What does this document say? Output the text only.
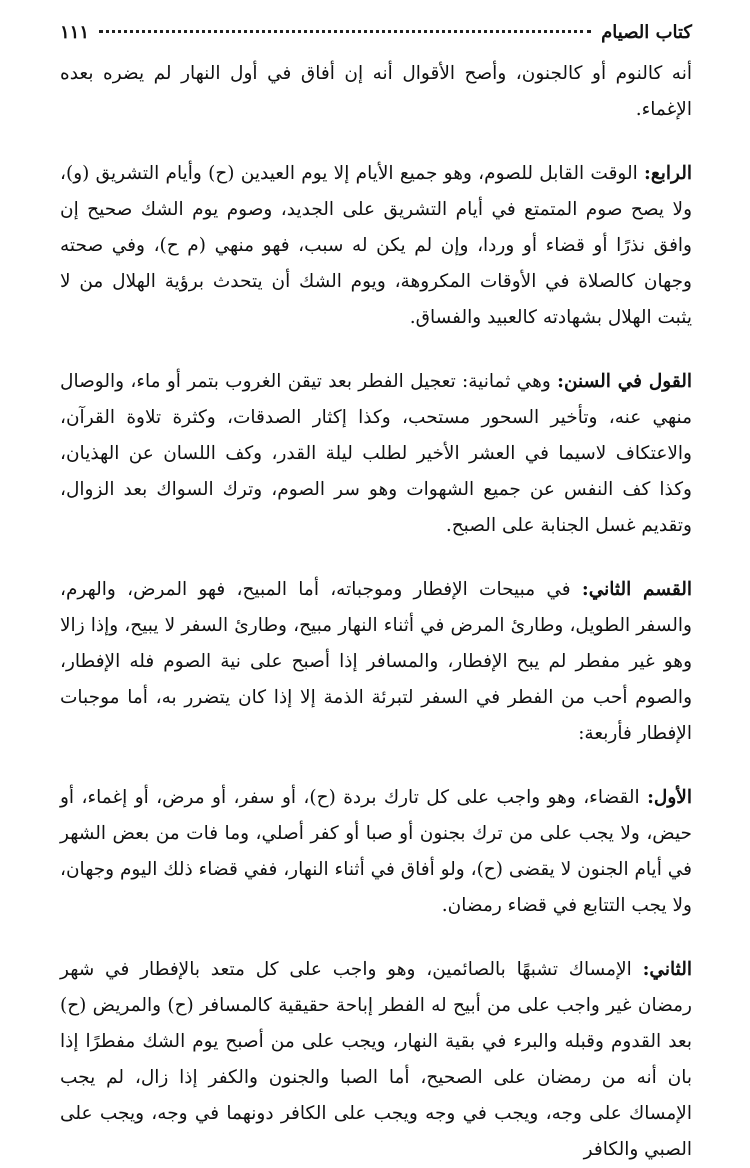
كتاب الصيام
١١١

أنه كالنوم أو كالجنون، وأصح الأقوال أنه إن أفاق في أول النهار لم يضره بعده الإغماء.

الرابع: الوقت القابل للصوم، وهو جميع الأيام إلا يوم العيدين (ح) وأيام التشريق (و)، ولا يصح صوم المتمتع في أيام التشريق على الجديد، وصوم يوم الشك صحيح إن وافق نذرًا أو قضاء أو وردا، وإن لم يكن له سبب، فهو منهي (م ح)، وفي صحته وجهان كالصلاة في الأوقات المكروهة، ويوم الشك أن يتحدث برؤية الهلال من لا يثبت الهلال بشهادته كالعبيد والفساق.

القول في السنن: وهي ثمانية: تعجيل الفطر بعد تيقن الغروب بتمر أو ماء، والوصال منهي عنه، وتأخير السحور مستحب، وكذا إكثار الصدقات، وكثرة تلاوة القرآن، والاعتكاف لاسيما في العشر الأخير لطلب ليلة القدر، وكف اللسان عن الهذيان، وكذا كف النفس عن جميع الشهوات وهو سر الصوم، وترك السواك بعد الزوال، وتقديم غسل الجنابة على الصبح.

القسم الثاني: في مبيحات الإفطار وموجباته، أما المبيح، فهو المرض، والهرم، والسفر الطويل، وطارئ المرض في أثناء النهار مبيح، وطارئ السفر لا يبيح، وإذا زالا وهو غير مفطر لم يبح الإفطار، والمسافر إذا أصبح على نية الصوم فله الإفطار، والصوم أحب من الفطر في السفر لتبرئة الذمة إلا إذا كان يتضرر به، أما موجبات الإفطار فأربعة:

الأول: القضاء، وهو واجب على كل تارك بردة (ح)، أو سفر، أو مرض، أو إغماء، أو حيض، ولا يجب على من ترك بجنون أو صبا أو كفر أصلي، وما فات من بعض الشهر في أيام الجنون لا يقضى (ح)، ولو أفاق في أثناء النهار، ففي قضاء ذلك اليوم وجهان، ولا يجب التتابع في قضاء رمضان.

الثاني: الإمساك تشبهًا بالصائمين، وهو واجب على كل متعد بالإفطار في شهر رمضان غير واجب على من أبيح له الفطر إباحة حقيقية كالمسافر (ح) والمريض (ح) بعد القدوم وقبله والبرء في بقية النهار، ويجب على من أصبح يوم الشك مفطرًا إذا بان أنه من رمضان على الصحيح، أما الصبا والجنون والكفر إذا زال، لم يجب الإمساك على وجه، ويجب في وجه ويجب على الكافر دونهما في وجه، ويجب على الصبي والكافر
